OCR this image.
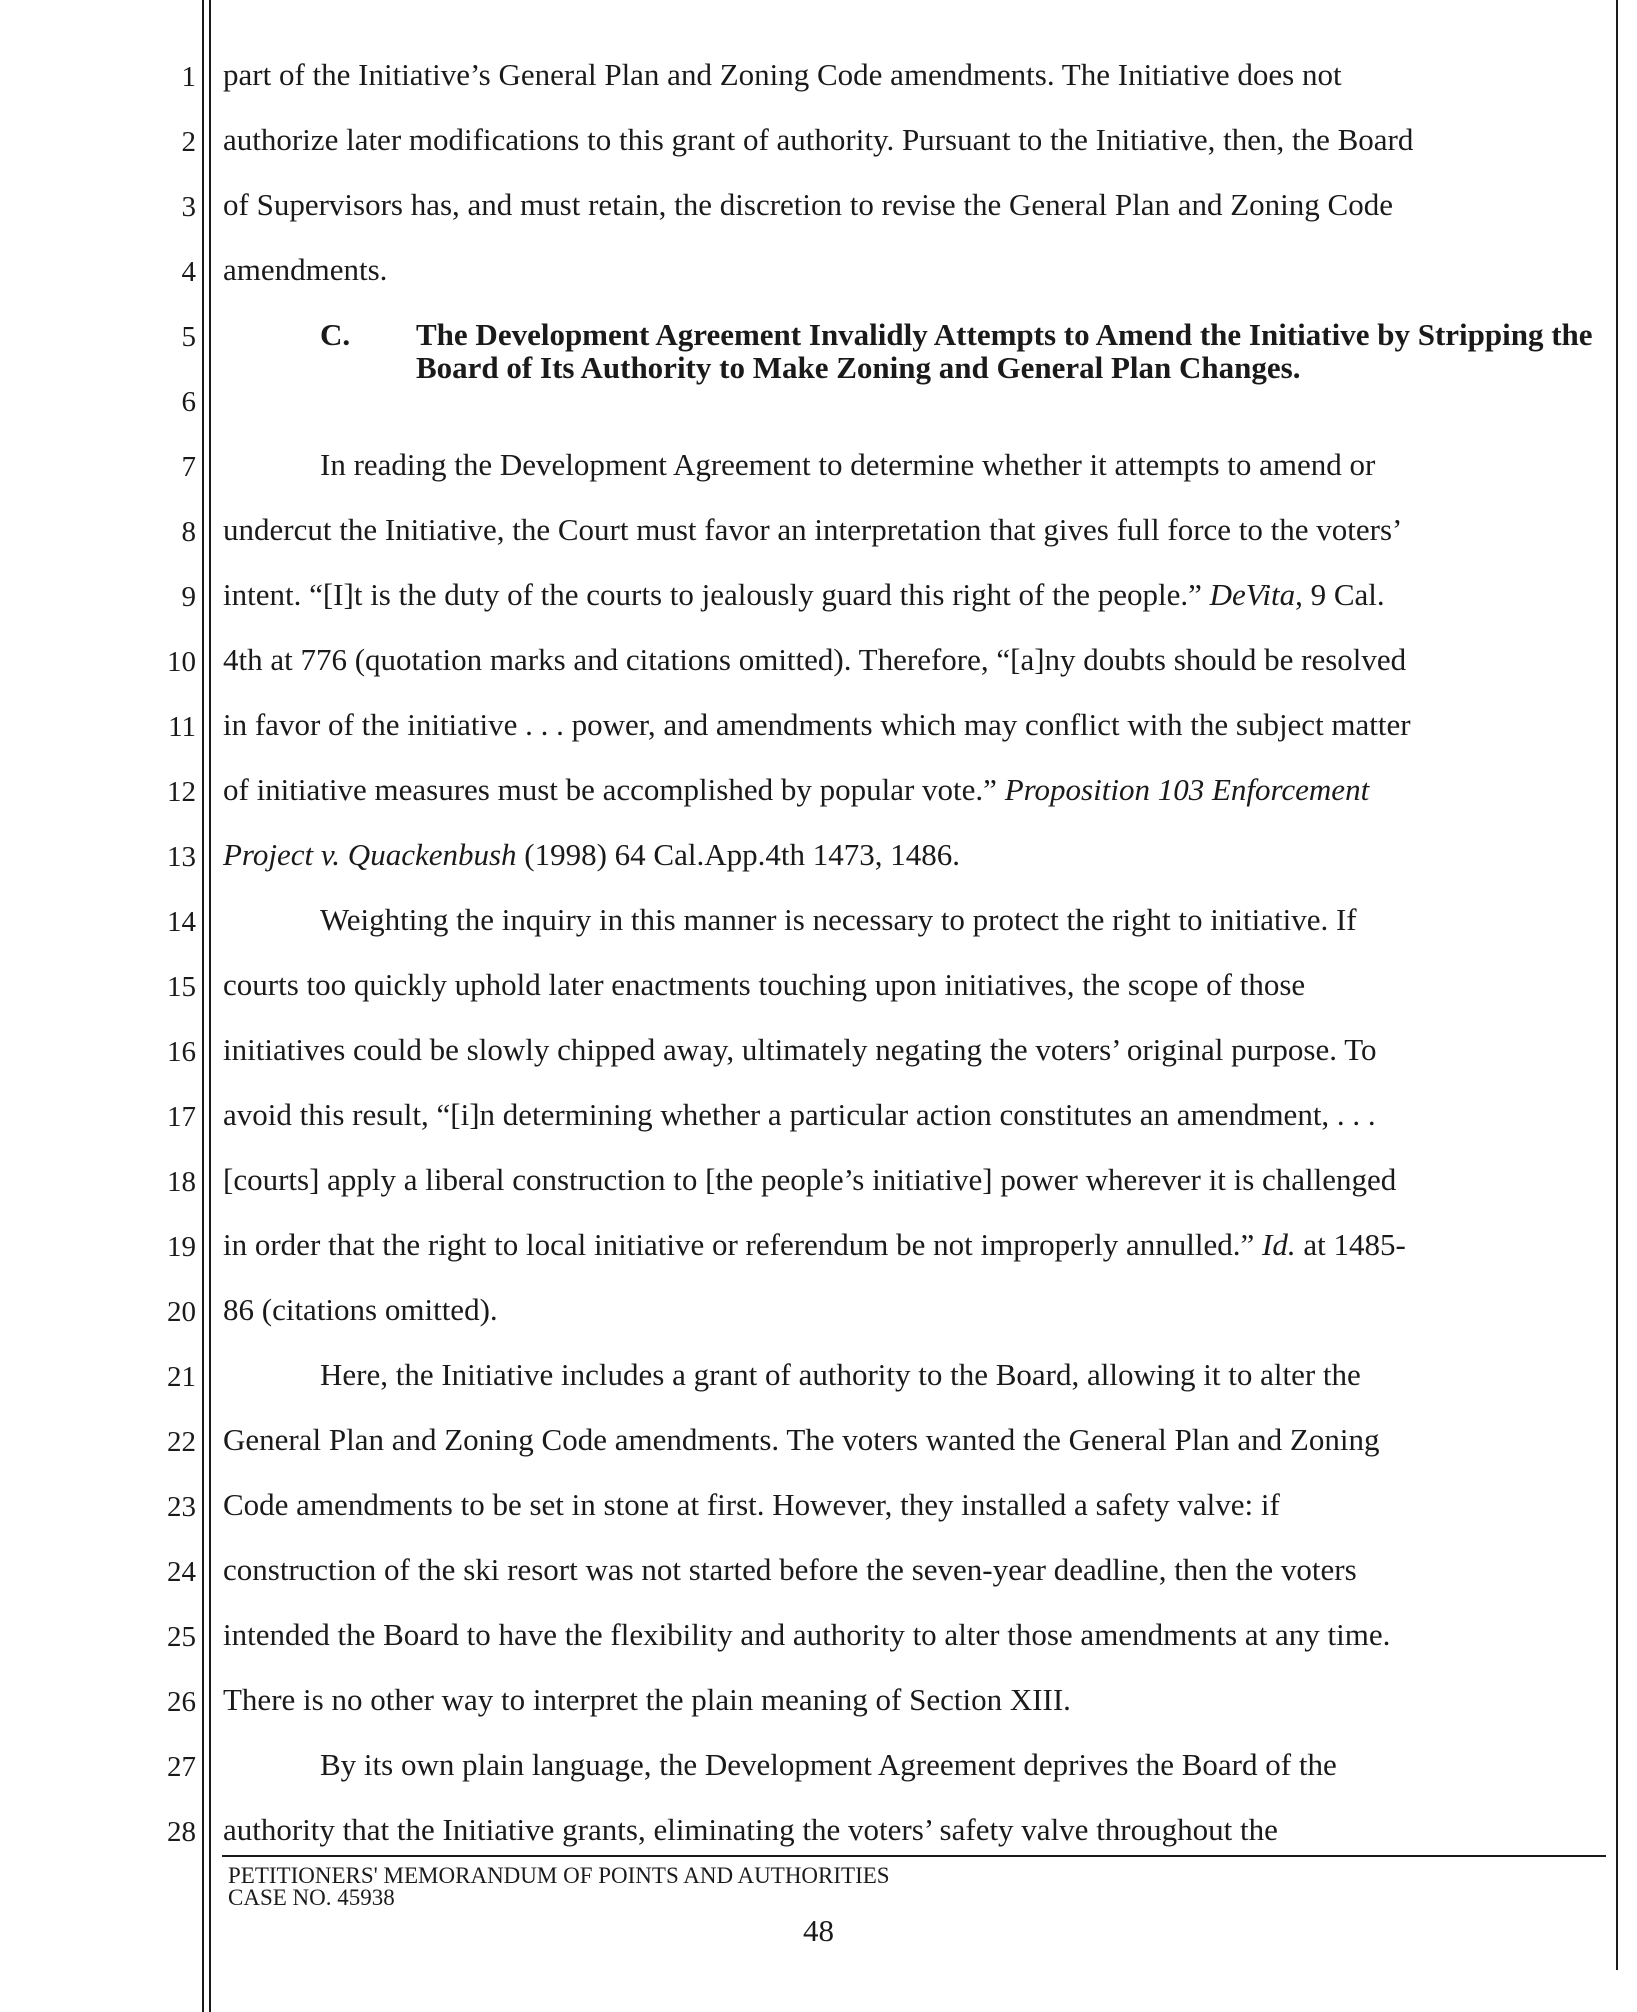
1
2
3
4
5
6
7
8
9
10
11
12
13
14
15
16
17
18
19
20
21
22
23
24
25
26
27
28
part of the Initiative’s General Plan and Zoning Code amendments. The Initiative does not
authorize later modifications to this grant of authority. Pursuant to the Initiative, then, the Board
of Supervisors has, and must retain, the discretion to revise the General Plan and Zoning Code
amendments.
C. The Development Agreement Invalidly Attempts to Amend the Initiative by Stripping the Board of Its Authority to Make Zoning and General Plan Changes.
In reading the Development Agreement to determine whether it attempts to amend or
undercut the Initiative, the Court must favor an interpretation that gives full force to the voters’
intent. “[I]t is the duty of the courts to jealously guard this right of the people.” DeVita, 9 Cal.
4th at 776 (quotation marks and citations omitted). Therefore, “[a]ny doubts should be resolved
in favor of the initiative . . . power, and amendments which may conflict with the subject matter
of initiative measures must be accomplished by popular vote.” Proposition 103 Enforcement
Project v. Quackenbush (1998) 64 Cal.App.4th 1473, 1486.
Weighting the inquiry in this manner is necessary to protect the right to initiative. If
courts too quickly uphold later enactments touching upon initiatives, the scope of those
initiatives could be slowly chipped away, ultimately negating the voters’ original purpose. To
avoid this result, “[i]n determining whether a particular action constitutes an amendment, . . .
[courts] apply a liberal construction to [the people’s initiative] power wherever it is challenged
in order that the right to local initiative or referendum be not improperly annulled.” Id. at 1485-
86 (citations omitted).
Here, the Initiative includes a grant of authority to the Board, allowing it to alter the
General Plan and Zoning Code amendments. The voters wanted the General Plan and Zoning
Code amendments to be set in stone at first. However, they installed a safety valve: if
construction of the ski resort was not started before the seven-year deadline, then the voters
intended the Board to have the flexibility and authority to alter those amendments at any time.
There is no other way to interpret the plain meaning of Section XIII.
By its own plain language, the Development Agreement deprives the Board of the
authority that the Initiative grants, eliminating the voters’ safety valve throughout the
PETITIONERS' MEMORANDUM OF POINTS AND AUTHORITIES
CASE NO. 45938
48
